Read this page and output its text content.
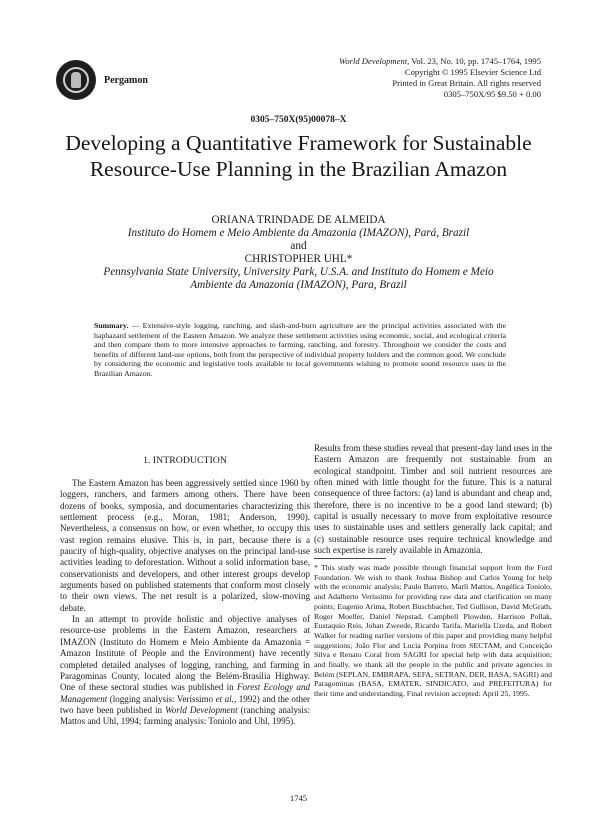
Pergamon
World Development, Vol. 23, No. 10, pp. 1745–1764, 1995
Copyright © 1995 Elsevier Science Ltd
Printed in Great Britain. All rights reserved
0305–750X/95 $9.50 + 0.00
0305–750X(95)00078–X
Developing a Quantitative Framework for Sustainable
Resource-Use Planning in the Brazilian Amazon
ORIANA TRINDADE DE ALMEIDA
Instituto do Homem e Meio Ambiente da Amazonia (IMAZON), Pará, Brazil
and
CHRISTOPHER UHL*
Pennsylvania State University, University Park, U.S.A. and Instituto do Homem e Meio
Ambiente da Amazonia (IMAZON), Para, Brazil
Summary. — Extensive-style logging, ranching, and slash-and-burn agriculture are the principal activities associated with the haphazard settlement of the Eastern Amazon. We analyze these settlement activities using economic, social, and ecological criteria and then compare them to more intensive approaches to farming, ranching, and forestry. Throughout we consider the costs and benefits of different land-use options, both from the perspective of individual property holders and the common good. We conclude by considering the economic and legislative tools available to local governments wishing to promote sound resource uses in the Brazilian Amazon.
1. INTRODUCTION

The Eastern Amazon has been aggressively settled since 1960 by loggers, ranchers, and farmers among others. There have been dozens of books, symposia, and documentaries characterizing this settlement process (e.g., Moran, 1981; Anderson, 1990). Nevertheless, a consensus on how, or even whether, to occupy this vast region remains elusive. This is, in part, because there is a paucity of high-quality, objective analyses on the principal land-use activities leading to deforestation. Without a solid information base, conservationists and developers, and other interest groups develop arguments based on published statements that conform most closely to their own views. The net result is a polarized, slow-moving debate.

In an attempt to provide holistic and objective analyses of resource-use problems in the Eastern Amazon, researchers at IMAZON (Instituto do Homem e Meio Ambiente da Amazonia = Amazon Institute of People and the Environment) have recently completed detailed analyses of logging, ranching, and farming in Paragominas County, located along the Belém-Brasília Highway. One of these sectoral studies was published in Forest Ecology and Management (logging analysis: Veríssimo et al., 1992) and the other two have been published in World Development (ranching analysis: Mattos and Uhl, 1994; farming analysis: Toniolo and Uhl, 1995).

Results from these studies reveal that present-day land uses in the Eastern Amazon are frequently not sustainable from an ecological standpoint. Timber and soil nutrient resources are often mined with little thought for the future. This is a natural consequence of three factors: (a) land is abundant and cheap and, therefore, there is no incentive to be a good land steward; (b) capital is usually necessary to move from exploitative resource uses to sustainable uses and settlers generally lack capital; and (c) sustainable resource uses require technical knowledge and such expertise is rarely available in Amazonia.

* This study was made possible through financial support from the Ford Foundation. We wish to thank Joshua Bishop and Carlos Young for help with the economic analysis; Paulo Barreto, Marli Mattos, Angélica Toniolo, and Adalberto Veríssimo for providing raw data and clarification on many points; Eugenio Arima, Robert Buschbacher, Ted Gullison, David McGrath, Roger Moeller, Daniel Nepstad, Campbell Plowden, Harrison Pollak, Eustaquio Reis, Johan Zweede, Ricardo Tarifa, Mariella Uzeda, and Robert Walker for reading earlier versions of this paper and providing many helpful suggestions; João Flor and Lucia Porpina from SECTAM, and Conceição Silva e Renato Coral from SAGRI for special help with data acquisition; and finally, we thank all the people in the public and private agencies in Belém (SEPLAN, EMBRAPA, SEFA, SETRAN, DER, BASA, SAGRI) and Paragominas (BASA, EMATER, SINDICATO, and PREFEITURA) for their time and understanding. Final revision accepted: April 25, 1995.
1745
